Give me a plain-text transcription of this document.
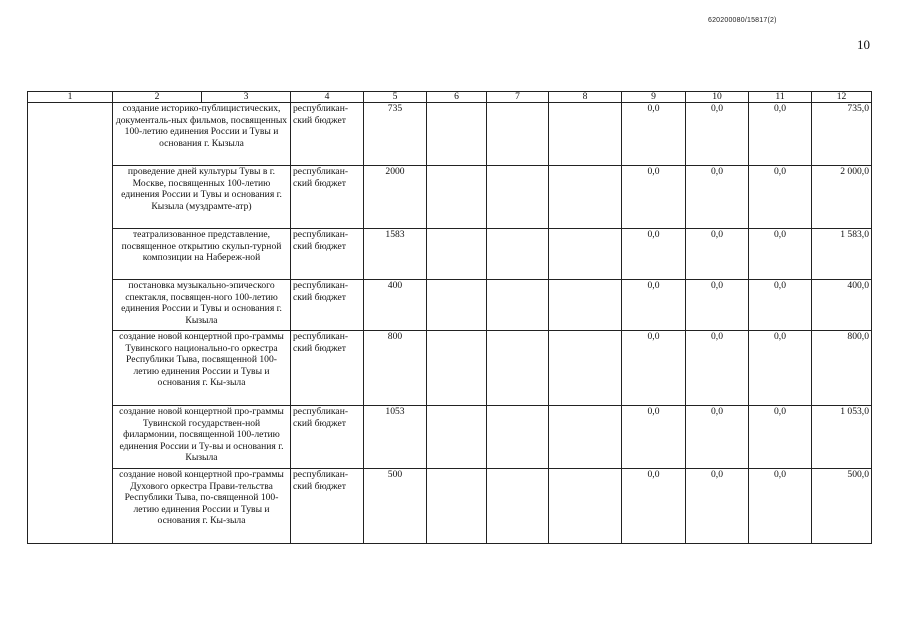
620200080/15817(2)
10
1	2	3	4	5	6	7	8	9	10	11	12
	создание историко-публицистических, документаль-ных фильмов, посвященных 100-летию единения России и Тувы и основания г. Кызыла		республикан-ский бюджет	735				0,0	0,0	0,0	735,0
	проведение дней культуры Тувы в г. Москве, посвященных 100-летию единения России и Тувы и основания г. Кызыла (муздрамте-атр)		республикан-ский бюджет	2000				0,0	0,0	0,0	2 000,0
	театрализованное представление, посвященное открытию скульп-турной композиции на Набереж-ной		республикан-ский бюджет	1583				0,0	0,0	0,0	1 583,0
	постановка музыкально-эпического спектакля, посвящен-ного 100-летию единения России и Тувы и основания г. Кызыла		республикан-ский бюджет	400				0,0	0,0	0,0	400,0
	создание новой концертной про-граммы Тувинского национально-го оркестра Республики Тыва, посвященной 100-летию единения России и Тувы и основания г. Кы-зыла		республикан-ский бюджет	800				0,0	0,0	0,0	800,0
	создание новой концертной про-граммы Тувинской государствен-ной филармонии, посвященной 100-летию единения России и Ту-вы и основания г. Кызыла		республикан-ский бюджет	1053				0,0	0,0	0,0	1 053,0
	создание новой концертной про-граммы Духового оркестра Прави-тельства Республики Тыва, по-священной 100-летию единения России и Тувы и основания г. Кы-зыла		республикан-ский бюджет	500				0,0	0,0	0,0	500,0
